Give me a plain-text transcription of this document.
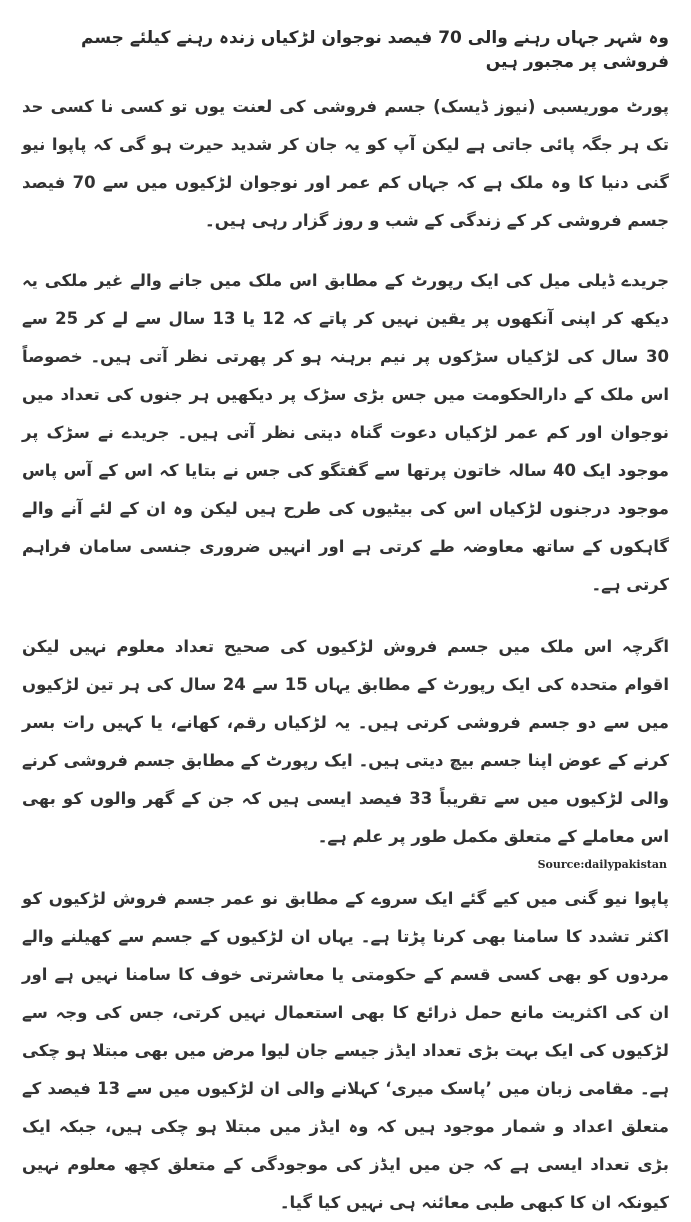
وہ شہر جہاں رہنے والی 70 فیصد نوجوان لڑکیاں زندہ رہنے کیلئے جسم فروشی پر مجبور ہیں
پورٹ موریسبی (نیوز ڈیسک) جسم فروشی کی لعنت یوں تو کسی نا کسی حد تک ہر جگہ پائی جاتی ہے لیکن آپ کو یہ جان کر شدید حیرت ہو گی کہ پاپوا نیو گنی دنیا کا وہ ملک ہے کہ جہاں کم عمر اور نوجوان لڑکیوں میں سے 70 فیصد جسم فروشی کر کے زندگی کے شب و روز گزار رہی ہیں۔
جریدے ڈیلی میل کی ایک رپورٹ کے مطابق اس ملک میں جانے والے غیر ملکی یہ دیکھ کر اپنی آنکھوں پر یقین نہیں کر پاتے کہ 12 یا 13 سال سے لے کر 25 سے 30 سال کی لڑکیاں سڑکوں پر نیم برہنہ ہو کر پھرتی نظر آتی ہیں۔ خصوصاً اس ملک کے دارالحکومت میں جس بڑی سڑک پر دیکھیں ہر جنوں کی تعداد میں نوجوان اور کم عمر لڑکیاں دعوت گناہ دیتی نظر آتی ہیں۔ جریدے نے سڑک پر موجود ایک 40 سالہ خاتون پرتھا سے گفتگو کی جس نے بتایا کہ اس کے آس پاس موجود درجنوں لڑکیاں اس کی بیٹیوں کی طرح ہیں لیکن وہ ان کے لئے آنے والے گاہکوں کے ساتھ معاوضہ طے کرتی ہے اور انہیں ضروری جنسی سامان فراہم کرتی ہے۔
اگرچہ اس ملک میں جسم فروش لڑکیوں کی صحیح تعداد معلوم نہیں لیکن اقوام متحدہ کی ایک رپورٹ کے مطابق یہاں 15 سے 24 سال کی ہر تین لڑکیوں میں سے دو جسم فروشی کرتی ہیں۔ یہ لڑکیاں رقم، کھانے، یا کہیں رات بسر کرنے کے عوض اپنا جسم بیچ دیتی ہیں۔ ایک رپورٹ کے مطابق جسم فروشی کرنے والی لڑکیوں میں سے تقریباً 33 فیصد ایسی ہیں کہ جن کے گھر والوں کو بھی اس معاملے کے متعلق مکمل طور پر علم ہے۔
پاپوا نیو گنی میں کیے گئے ایک سروے کے مطابق نو عمر جسم فروش لڑکیوں کو اکثر تشدد کا سامنا بھی کرنا پڑتا ہے۔ یہاں ان لڑکیوں کے جسم سے کھیلنے والے مردوں کو بھی کسی قسم کے حکومتی یا معاشرتی خوف کا سامنا نہیں ہے اور ان کی اکثریت مانع حمل ذرائع کا بھی استعمال نہیں کرتی، جس کی وجہ سے لڑکیوں کی ایک بہت بڑی تعداد ایڈز جیسے جان لیوا مرض میں بھی مبتلا ہو چکی ہے۔ مقامی زبان میں ’پاسک میری‘ کہلانے والی ان لڑکیوں میں سے 13 فیصد کے متعلق اعداد و شمار موجود ہیں کہ وہ ایڈز میں مبتلا ہو چکی ہیں، جبکہ ایک بڑی تعداد ایسی ہے کہ جن میں ایڈز کی موجودگی کے متعلق کچھ معلوم نہیں کیونکہ ان کا کبھی طبی معائنہ ہی نہیں کیا گیا۔
Source:dailypakistan
